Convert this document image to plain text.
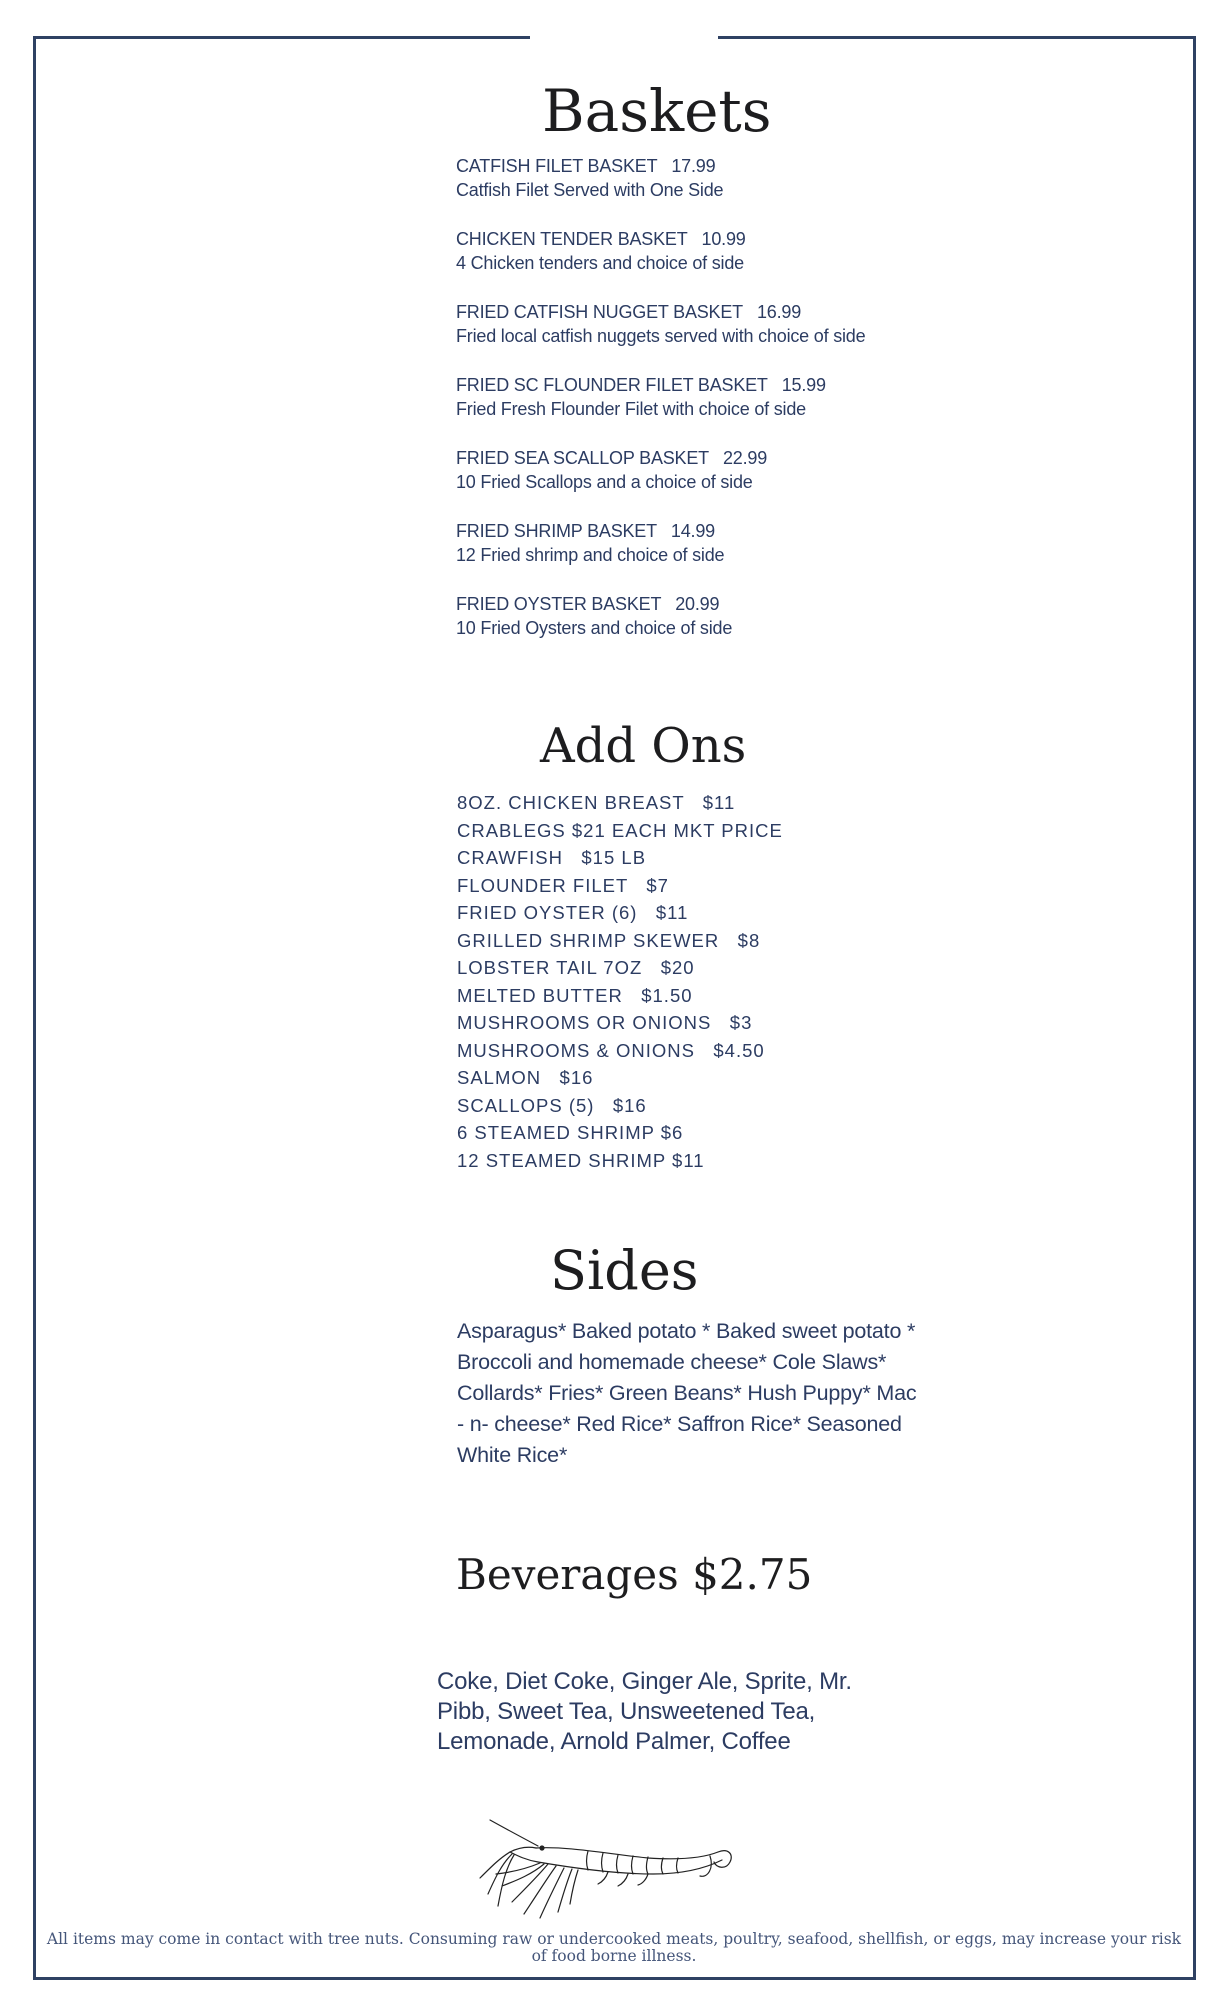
Baskets
CATFISH FILET BASKET 17.99
Catfish Filet Served with One Side
CHICKEN TENDER BASKET 10.99
4 Chicken tenders and choice of side
FRIED CATFISH NUGGET BASKET 16.99
Fried local catfish nuggets served with choice of side
FRIED SC FLOUNDER FILET BASKET 15.99
Fried Fresh Flounder Filet with choice of side
FRIED SEA SCALLOP BASKET 22.99
10 Fried Scallops and a choice of side
FRIED SHRIMP BASKET 14.99
12 Fried shrimp and choice of side
FRIED OYSTER BASKET 20.99
10 Fried Oysters and choice of side
Add Ons
8OZ. CHICKEN BREAST   $11
CRABLEGS $21 EACH MKT PRICE
CRAWFISH   $15 LB
FLOUNDER FILET   $7
FRIED OYSTER (6)   $11
GRILLED SHRIMP SKEWER   $8
LOBSTER TAIL 7OZ   $20
MELTED BUTTER   $1.50
MUSHROOMS OR ONIONS   $3
MUSHROOMS & ONIONS   $4.50
SALMON   $16
SCALLOPS (5)   $16
6 STEAMED SHRIMP $6
12 STEAMED SHRIMP $11
Sides
Asparagus* Baked potato * Baked sweet potato * Broccoli and homemade cheese* Cole Slaws* Collards* Fries* Green Beans* Hush Puppy* Mac - n- cheese* Red Rice* Saffron Rice* Seasoned White Rice*
Beverages $2.75
Coke, Diet Coke, Ginger Ale, Sprite, Mr. Pibb, Sweet Tea, Unsweetened Tea, Lemonade, Arnold Palmer, Coffee
All items may come in contact with tree nuts. Consuming raw or undercooked meats, poultry, seafood, shellfish, or eggs, may increase your risk of food borne illness.
